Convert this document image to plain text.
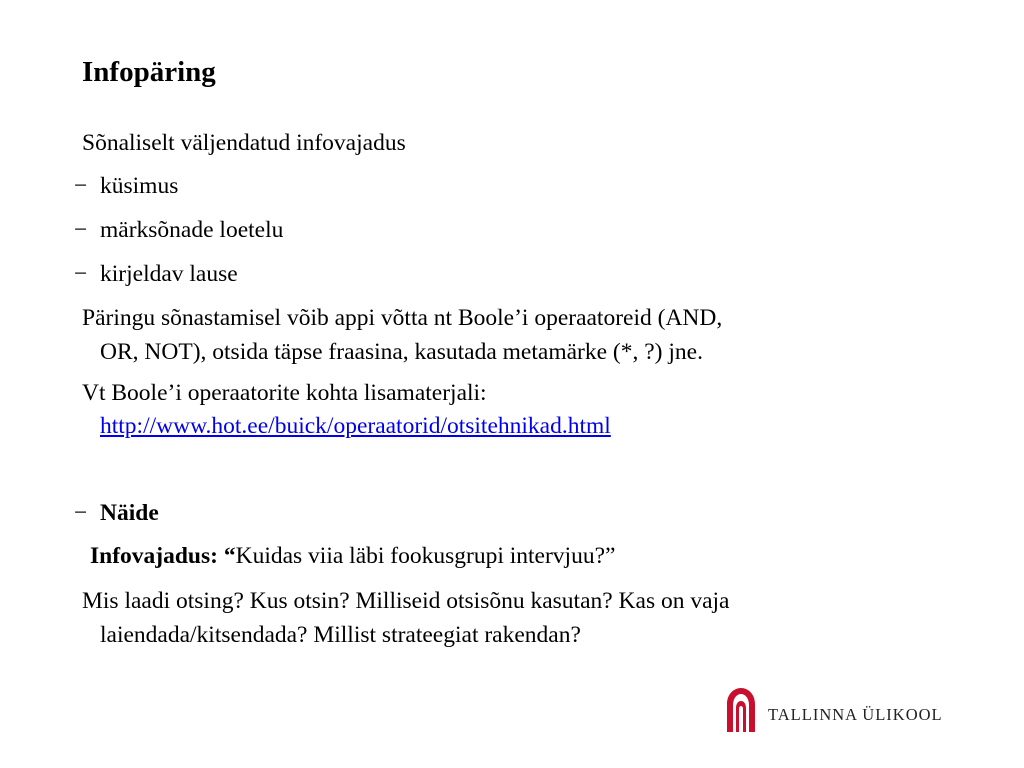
Infopäring
Sõnaliselt väljendatud infovajadus
− küsimus
− märksõnade loetelu
− kirjeldav lause
Päringu sõnastamisel võib appi võtta nt Boole’i operaatoreid (AND,
OR, NOT), otsida täpse fraasina, kasutada metamärke (*, ?) jne.
Vt Boole’i operaatorite kohta lisamaterjali:
http://www.hot.ee/buick/operaatorid/otsitehnikad.html
− Näide
Infovajadus: “Kuidas viia läbi fookusgrupi intervjuu?”
Mis laadi otsing? Kus otsin? Milliseid otsisõnu kasutan? Kas on vaja
laiendada/kitsendada? Millist strateegiat rakendan?
TALLINNA ÜLIKOOL
